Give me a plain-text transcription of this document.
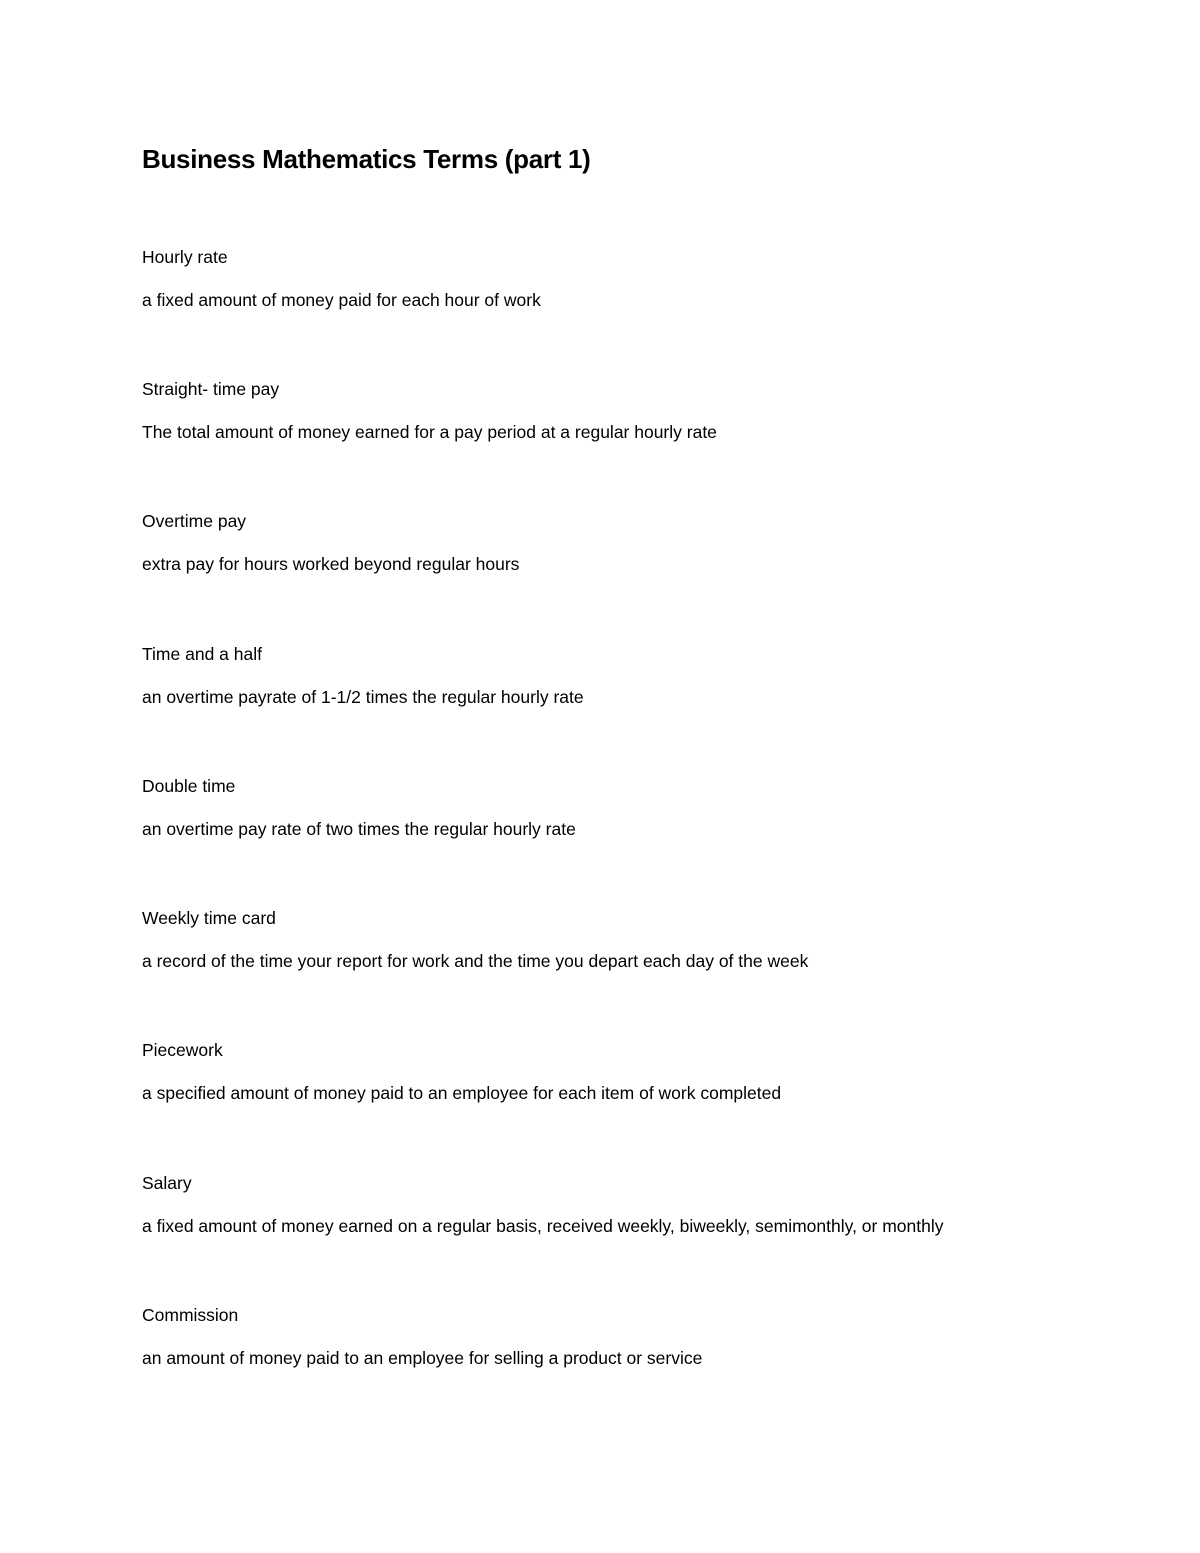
Business Mathematics Terms (part 1)

Hourly rate

a fixed amount of money paid for each hour of work

Straight- time pay

The total amount of money earned for a pay period at a regular hourly rate

Overtime pay

extra pay for hours worked beyond regular hours

Time and a half

an overtime payrate of 1-1/2 times the regular hourly rate

Double time

an overtime pay rate of two times the regular hourly rate

Weekly time card

a record of the time your report for work and the time you depart each day of the week

Piecework

a specified amount of money paid to an employee for each item of work completed

Salary

a fixed amount of money earned on a regular basis, received weekly, biweekly, semimonthly, or monthly

Commission

an amount of money paid to an employee for selling a product or service
